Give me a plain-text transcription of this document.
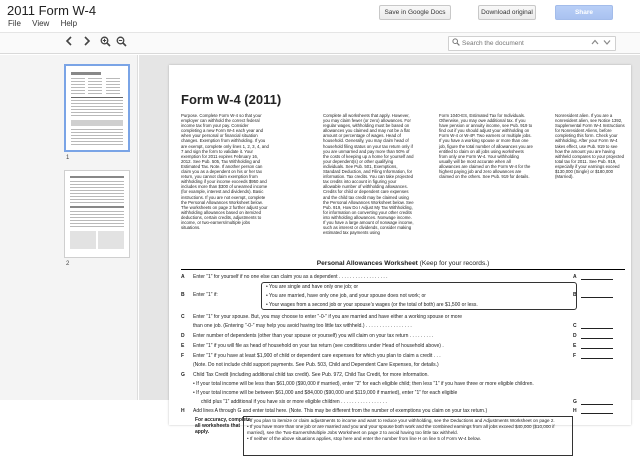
2011 Form W-4
File View Help
Save in Google Docs	Download original	Share
Search the document
1
2
Form W-4 (2011)
Purpose. Complete Form W-4 so that your employer can withhold the correct federal income tax from your pay. Consider completing a new Form W-4 each year and when your personal or financial situation changes. Exemption from withholding. If you are exempt, complete only lines 1, 2, 3, 4, and 7 and sign the form to validate it. Your exemption for 2011 expires February 16, 2012. See Pub. 505, Tax Withholding and Estimated Tax. Note. If another person can claim you as a dependent on his or her tax return, you cannot claim exemption from withholding if your income exceeds $950 and includes more than $300 of unearned income (for example, interest and dividends). Basic instructions. If you are not exempt, complete the Personal Allowances Worksheet below. The worksheets on page 2 further adjust your withholding allowances based on itemized deductions, certain credits, adjustments to income, or two-earners/multiple jobs situations.
Complete all worksheets that apply. However, you may claim fewer (or zero) allowances. For regular wages, withholding must be based on allowances you claimed and may not be a flat amount or percentage of wages. Head of household. Generally, you may claim head of household filing status on your tax return only if you are unmarried and pay more than 50% of the costs of keeping up a home for yourself and your dependent(s) or other qualifying individuals. See Pub. 501, Exemptions, Standard Deduction, and Filing Information, for information. Tax credits. You can take projected tax credits into account in figuring your allowable number of withholding allowances. Credits for child or dependent care expenses and the child tax credit may be claimed using the Personal Allowances Worksheet below. See Pub. 919, How Do I Adjust My Tax Withholding, for information on converting your other credits into withholding allowances. Nonwage income. If you have a large amount of nonwage income, such as interest or dividends, consider making estimated tax payments using
Form 1040-ES, Estimated Tax for Individuals. Otherwise, you may owe additional tax. If you have pension or annuity income, see Pub. 919 to find out if you should adjust your withholding on Form W-4 or W-4P. Two earners or multiple jobs. If you have a working spouse or more than one job, figure the total number of allowances you are entitled to claim on all jobs using worksheets from only one Form W-4. Your withholding usually will be most accurate when all allowances are claimed on the Form W-4 for the highest paying job and zero allowances are claimed on the others. See Pub. 919 for details.
Nonresident alien. If you are a nonresident alien, see Notice 1392, Supplemental Form W-4 Instructions for Nonresident Aliens, before completing this form. Check your withholding. After your Form W-4 takes effect, use Pub. 919 to see how the amount you are having withheld compares to your projected total tax for 2011. See Pub. 919, especially if your earnings exceed $130,000 (Single) or $180,000 (Married).
Personal Allowances Worksheet (Keep for your records.)
A	Enter “1” for yourself if no one else can claim you as a dependent . . . . . . . . . . . . . . . . . .	A
B	Enter “1” if:	B
• You are single and have only one job; or
• You are married, have only one job, and your spouse does not work; or
• Your wages from a second job or your spouse’s wages (or the total of both) are $1,500 or less.
C	Enter “1” for your spouse. But, you may choose to enter “-0-” if you are married and have either a working spouse or more
than one job. (Entering “-0-” may help you avoid having too little tax withheld.) . . . . . . . . . . . . . . . . .	C
D	Enter number of dependents (other than your spouse or yourself) you will claim on your tax return . . . . . . . . .	D
E	Enter “1” if you will file as head of household on your tax return (see conditions under Head of household above) .	E
F	Enter “1” if you have at least $1,900 of child or dependent care expenses for which you plan to claim a credit . . .	F
(Note. Do not include child support payments. See Pub. 503, Child and Dependent Care Expenses, for details.)
G	Child Tax Credit (including additional child tax credit). See Pub. 972, Child Tax Credit, for more information.
• If your total income will be less than $61,000 ($90,000 if married), enter “2” for each eligible child; then less “1” if you have three or more eligible children.
• If your total income will be between $61,000 and $84,000 ($90,000 and $119,000 if married), enter “1” for each eligible
child plus “1” additional if you have six or more eligible children . . . . . . . . . . . . . . . . .	G
H	Add lines A through G and enter total here. (Note. This may be different from the number of exemptions you claim on your tax return.)	H
For accuracy, complete all worksheets that apply.
• If you plan to itemize or claim adjustments to income and want to reduce your withholding, see the Deductions and Adjustments Worksheet on page 2.
• If you have more than one job or are married and you and your spouse both work and the combined earnings from all jobs exceed $40,000 ($10,000 if married), see the Two-Earners/Multiple Jobs Worksheet on page 2 to avoid having too little tax withheld.
• If neither of the above situations applies, stop here and enter the number from line H on line 5 of Form W-4 below.
